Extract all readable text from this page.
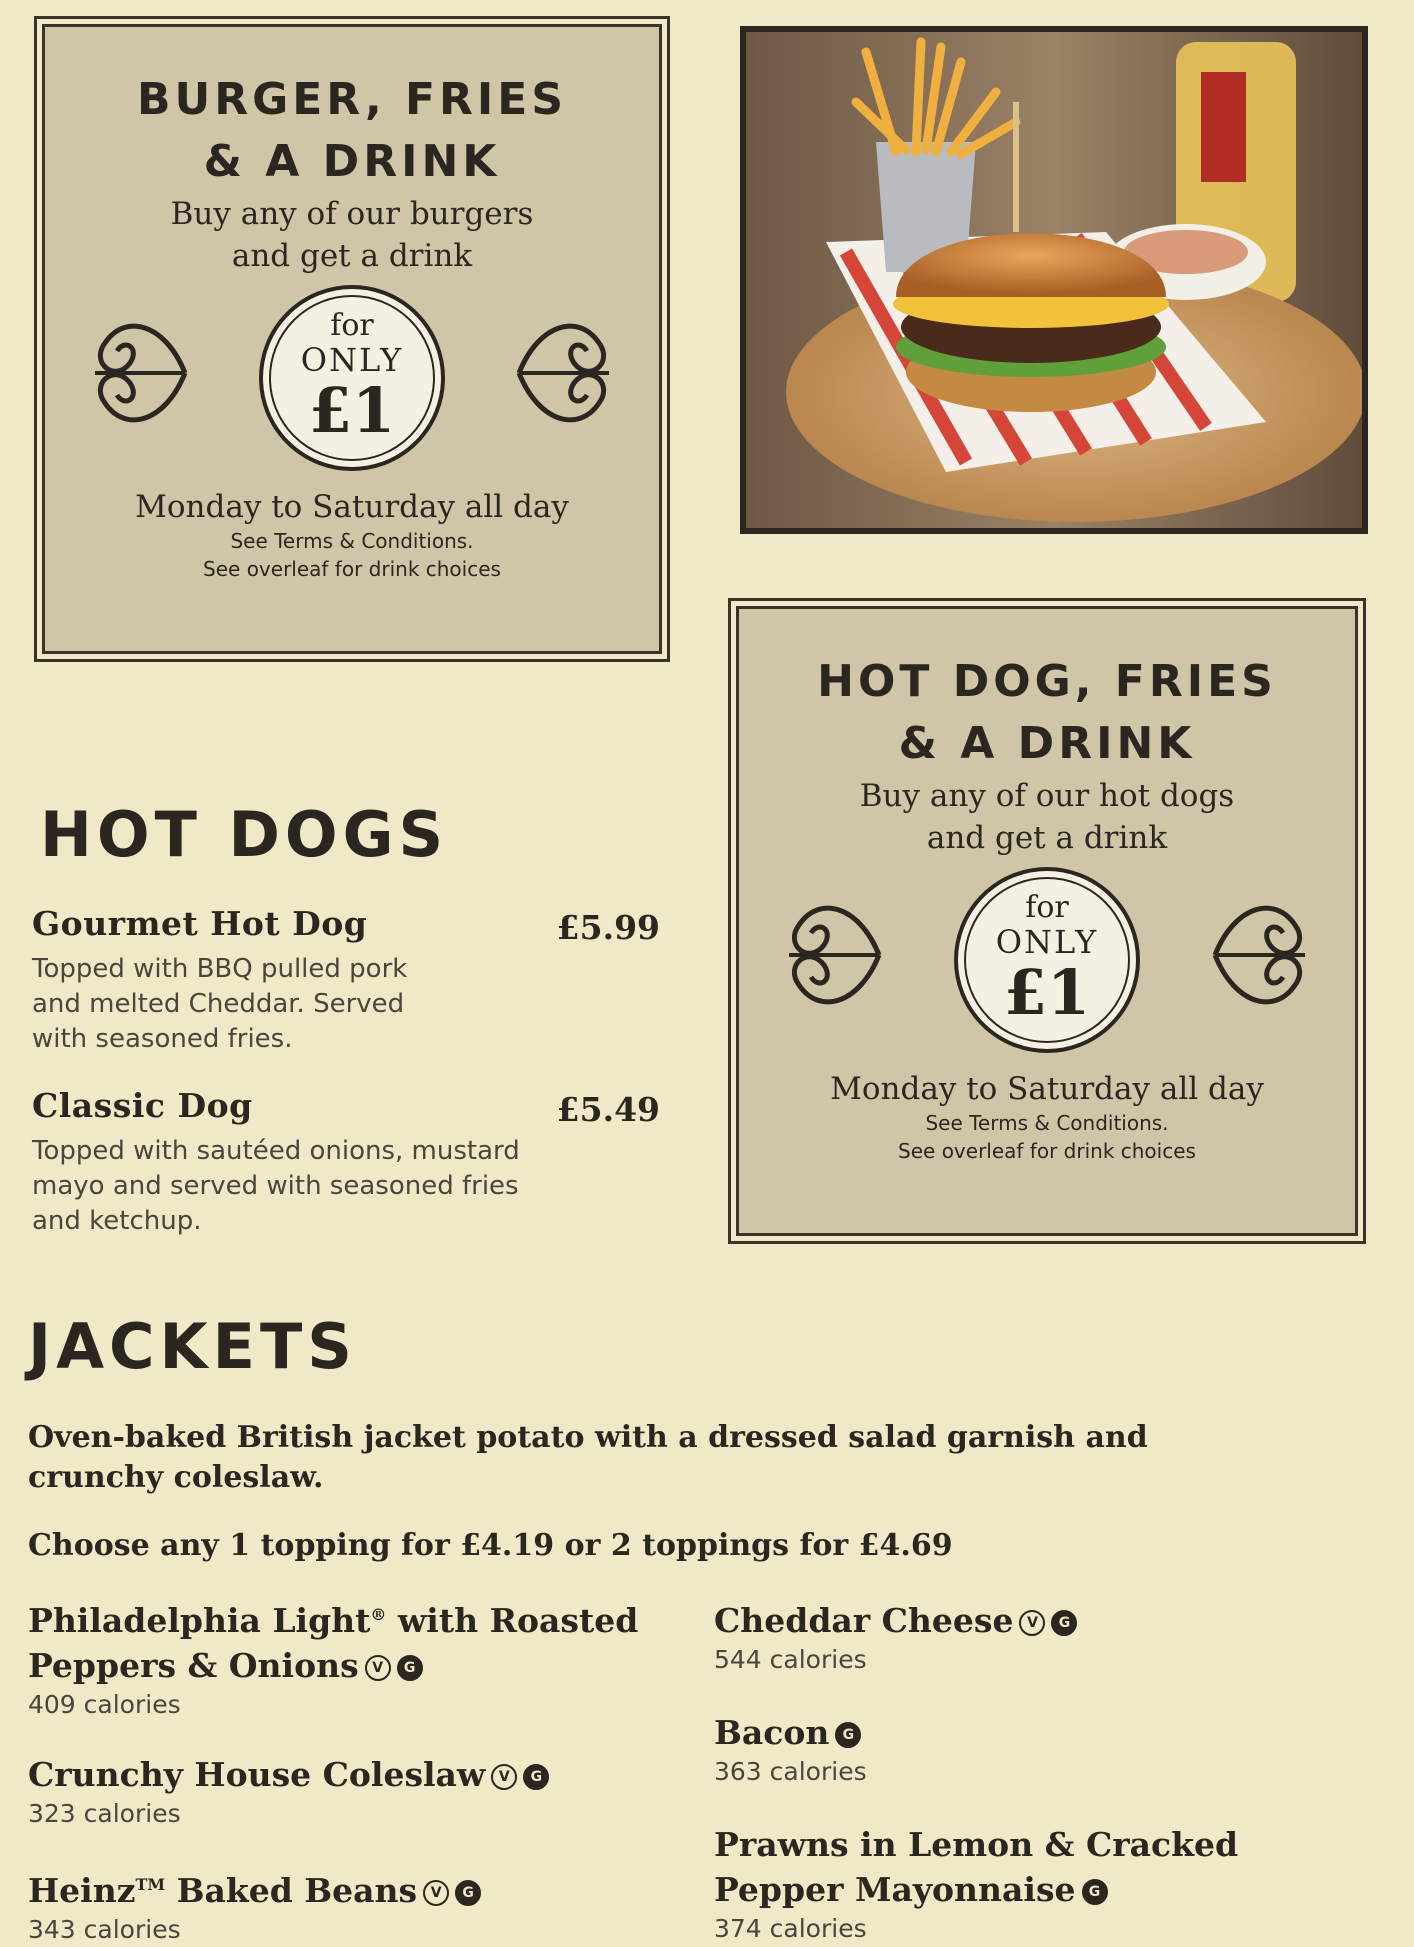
BURGER, FRIES

& A DRINK

Buy any of our burgers

and get a drink

for
ONLY
£1

Monday to Saturday all day

See Terms & Conditions.

See overleaf for drink choices

HOT DOG, FRIES

& A DRINK

Buy any of our hot dogs

and get a drink

for
ONLY
£1

Monday to Saturday all day

See Terms & Conditions.

See overleaf for drink choices

HOT DOGS
Gourmet Hot Dog	£5.99
Topped with BBQ pulled pork
and melted Cheddar. Served
with seasoned fries.
Classic Dog	£5.49
Topped with sautéed onions, mustard
mayo and served with seasoned fries
and ketchup.
JACKETS
Oven-baked British jacket potato with a dressed salad garnish and
crunchy coleslaw.
Choose any 1 topping for £4.19 or 2 toppings for £4.69

Philadelphia Light® with Roasted

Peppers & Onions V G

409 calories

Crunchy House Coleslaw V G

323 calories

Heinz™ Baked Beans V G

343 calories

Cheddar Cheese V G

544 calories

Bacon G

363 calories

Prawns in Lemon & Cracked

Pepper Mayonnaise G

374 calories
